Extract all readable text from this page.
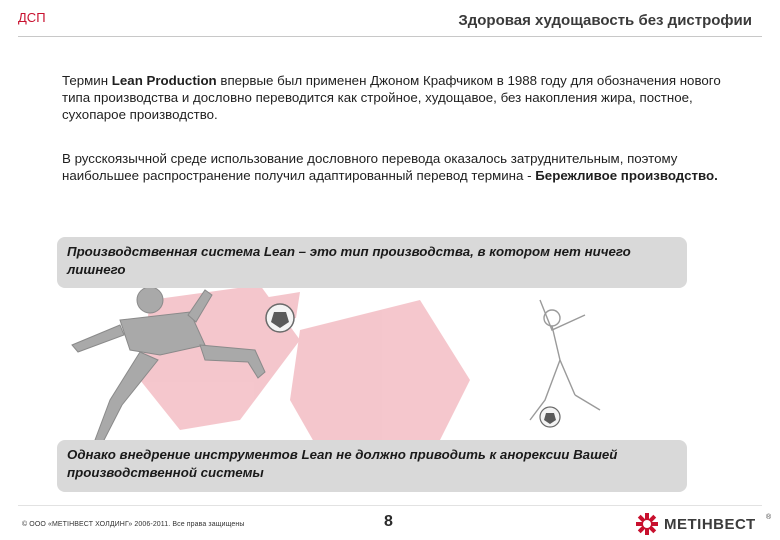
ДСП	Здоровая худощавость без дистрофии
Термин Lean Production впервые был применен Джоном Крафчиком в 1988 году для обозначения нового типа производства и дословно переводится как стройное, худощавое, без накопления жира, постное, сухопарое производство.
В русскоязычной среде использование дословного перевода оказалось затруднительным, поэтому наибольшее распространение получил адаптированный перевод термина - Бережливое производство.
Производственная система Lean – это тип производства, в котором нет ничего лишнего
Однако внедрение инструментов Lean не должно приводить к анорексии Вашей производственной системы
© ООО «МЕТІНВЕСТ ХОЛДИНГ» 2006-2011. Все права защищены	8	МЕТІНВЕСТ ®
